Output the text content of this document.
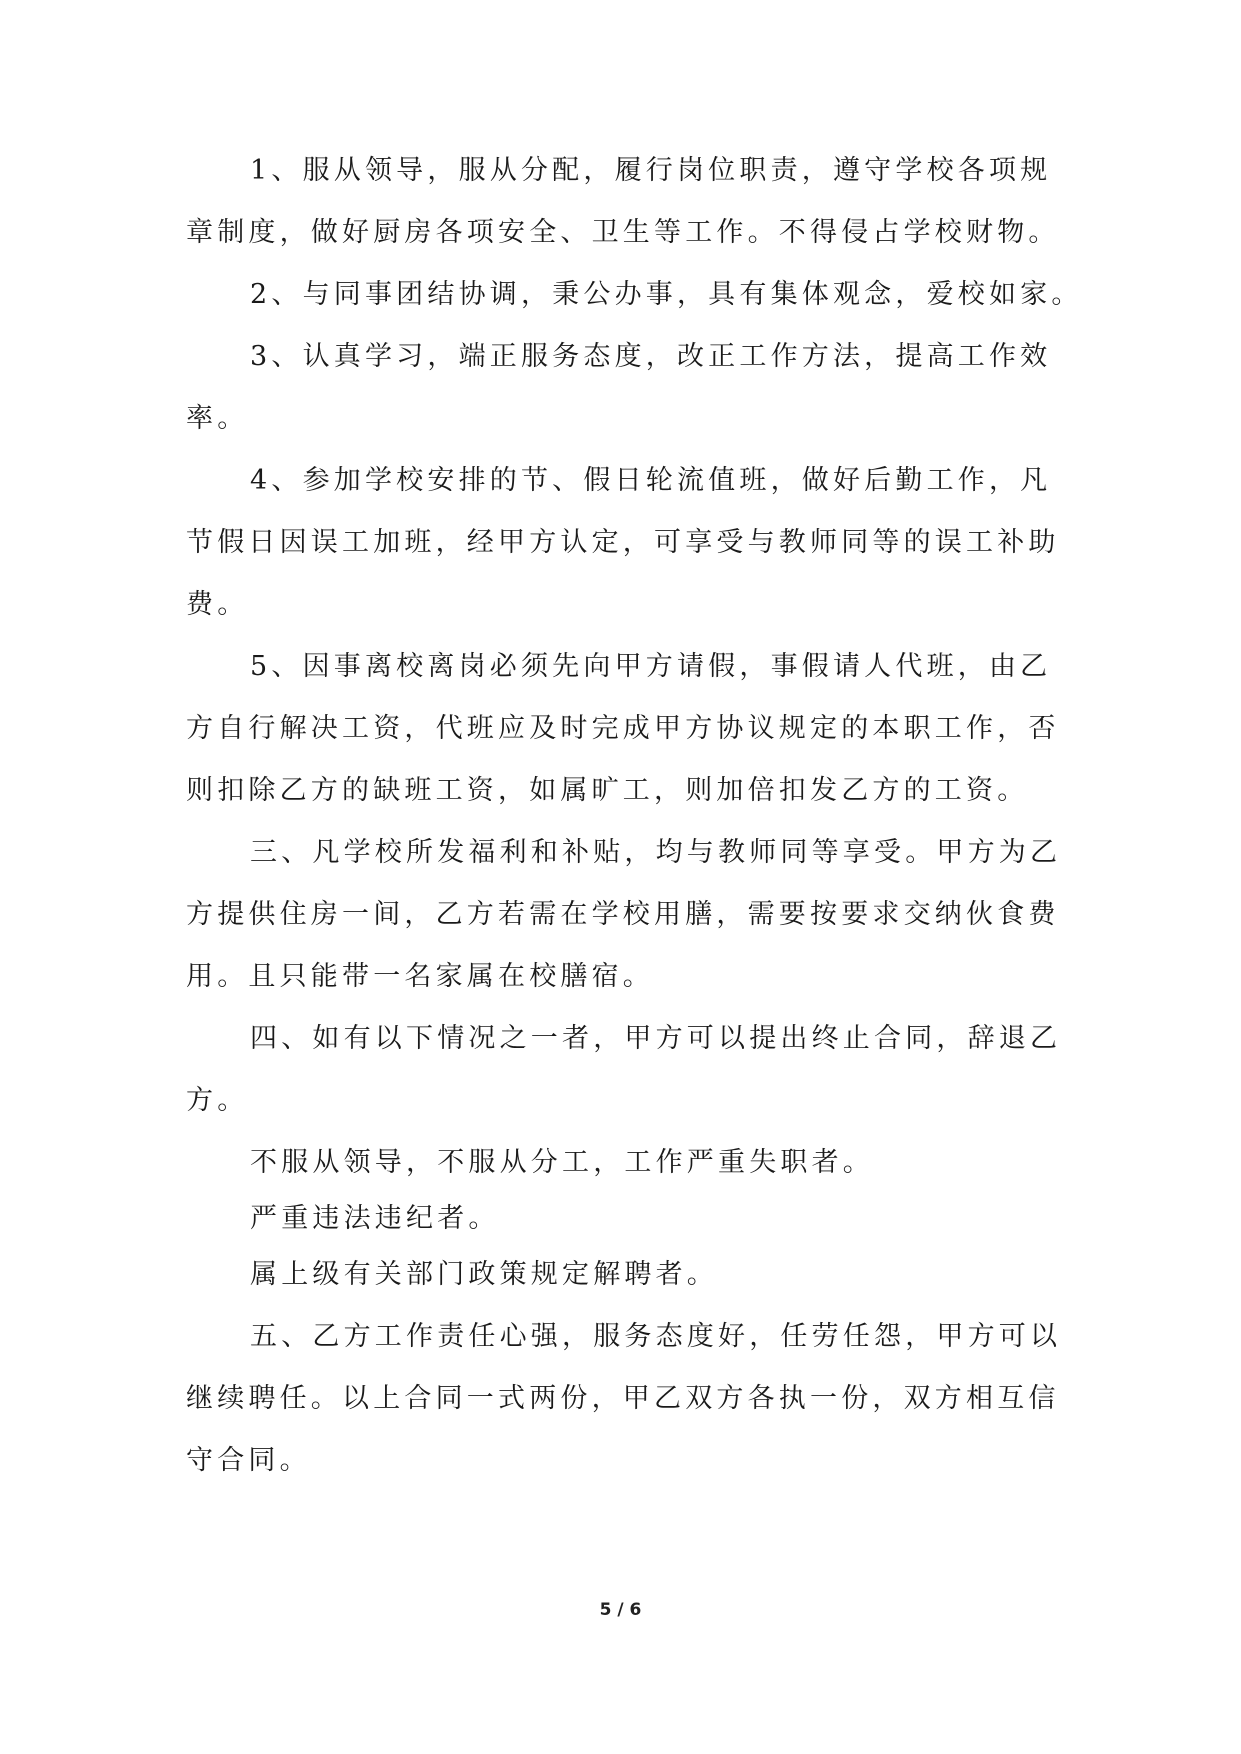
1、服从领导，服从分配，履行岗位职责，遵守学校各项规
章制度，做好厨房各项安全、卫生等工作。不得侵占学校财物。
2、与同事团结协调，秉公办事，具有集体观念，爱校如家。
3、认真学习，端正服务态度，改正工作方法，提高工作效
率。
4、参加学校安排的节、假日轮流值班，做好后勤工作，凡
节假日因误工加班，经甲方认定，可享受与教师同等的误工补助
费。
5、因事离校离岗必须先向甲方请假，事假请人代班，由乙
方自行解决工资，代班应及时完成甲方协议规定的本职工作，否
则扣除乙方的缺班工资，如属旷工，则加倍扣发乙方的工资。
三、凡学校所发福利和补贴，均与教师同等享受。甲方为乙
方提供住房一间，乙方若需在学校用膳，需要按要求交纳伙食费
用。且只能带一名家属在校膳宿。
四、如有以下情况之一者，甲方可以提出终止合同，辞退乙
方。
不服从领导，不服从分工，工作严重失职者。
严重违法违纪者。
属上级有关部门政策规定解聘者。
五、乙方工作责任心强，服务态度好，任劳任怨，甲方可以
继续聘任。以上合同一式两份，甲乙双方各执一份，双方相互信
守合同。
5 / 6
